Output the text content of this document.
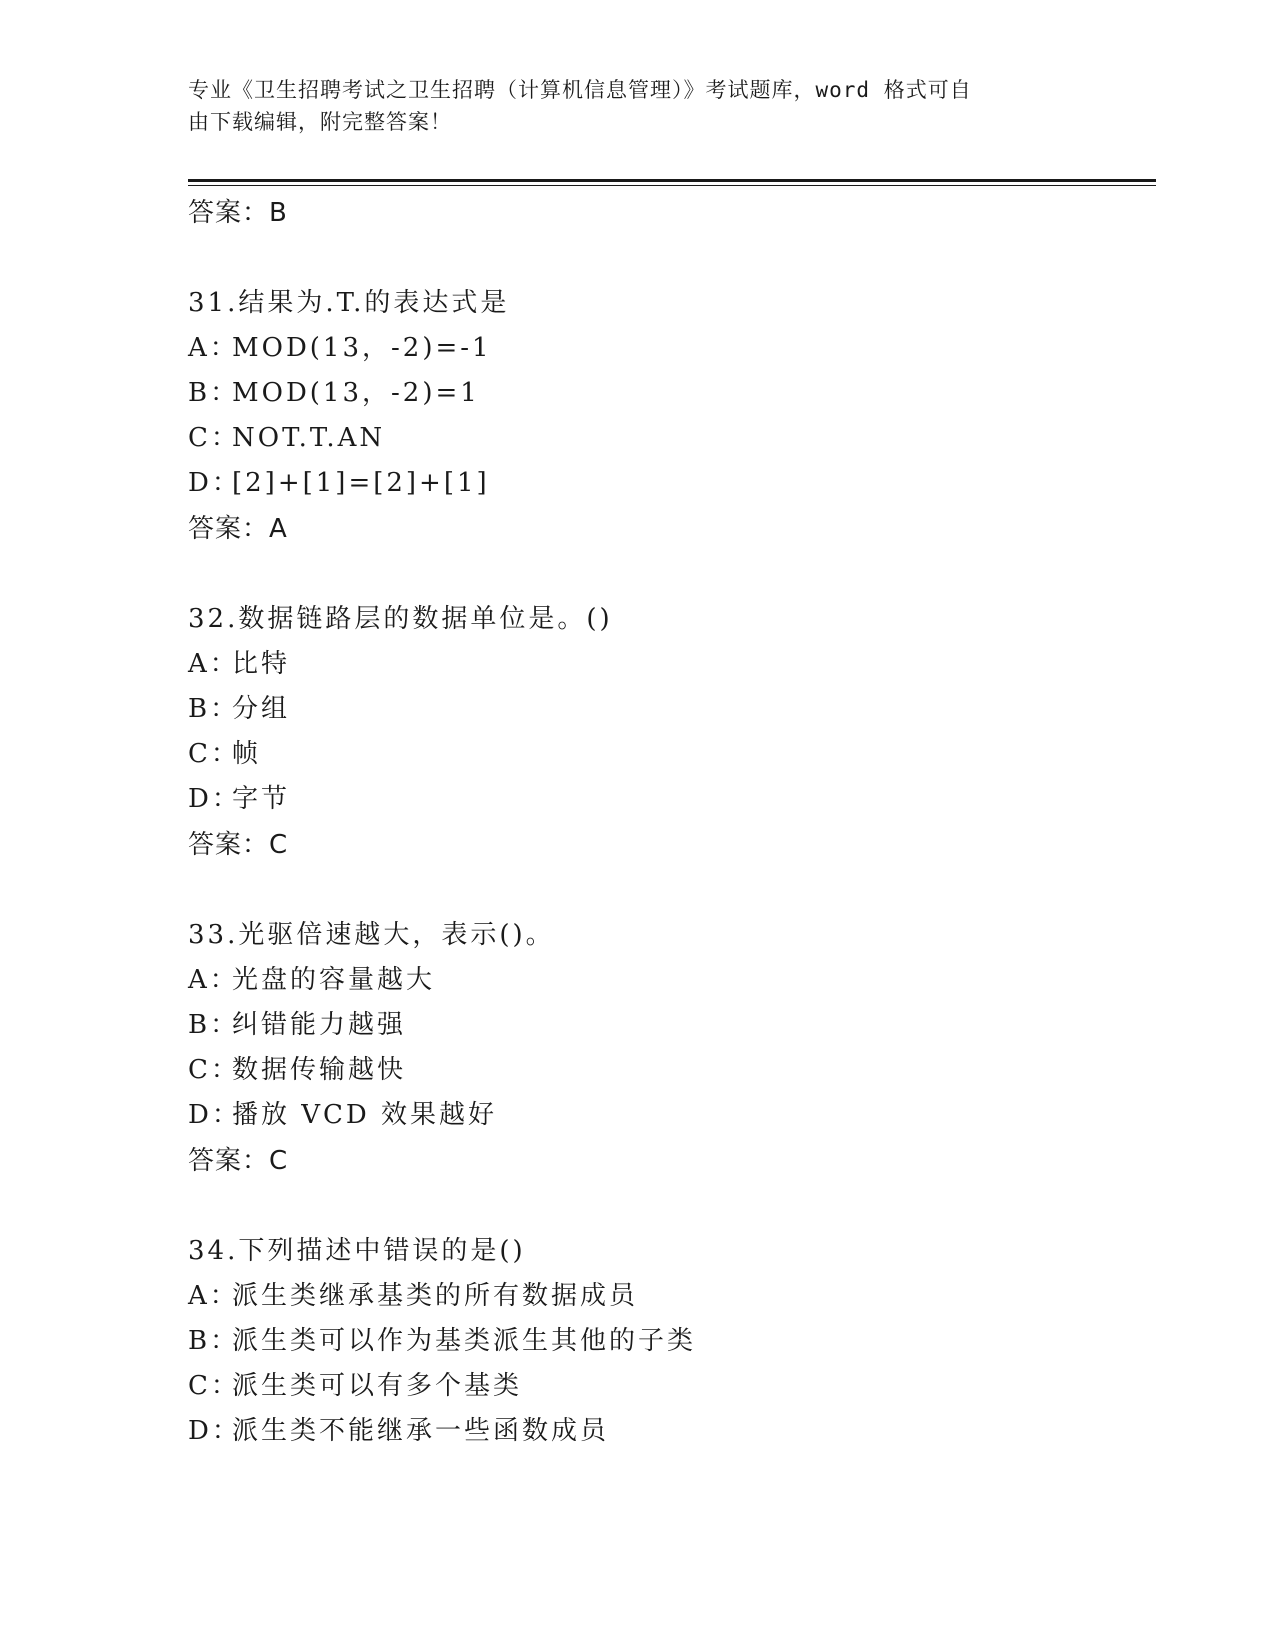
专业《卫生招聘考试之卫生招聘（计算机信息管理）》考试题库，word 格式可自
由下载编辑，附完整答案！
答案：B
31.结果为.T.的表达式是
A：MOD(13，-2)=-1
B：MOD(13，-2)=1
C：NOT.T.AN
D：[2]+[1]=[2]+[1]
答案：A
32.数据链路层的数据单位是。()
A：比特
B：分组
C：帧
D：字节
答案：C
33.光驱倍速越大，表示()。
A：光盘的容量越大
B：纠错能力越强
C：数据传输越快
D：播放 VCD 效果越好
答案：C
34.下列描述中错误的是()
A：派生类继承基类的所有数据成员
B：派生类可以作为基类派生其他的子类
C：派生类可以有多个基类
D：派生类不能继承一些函数成员
